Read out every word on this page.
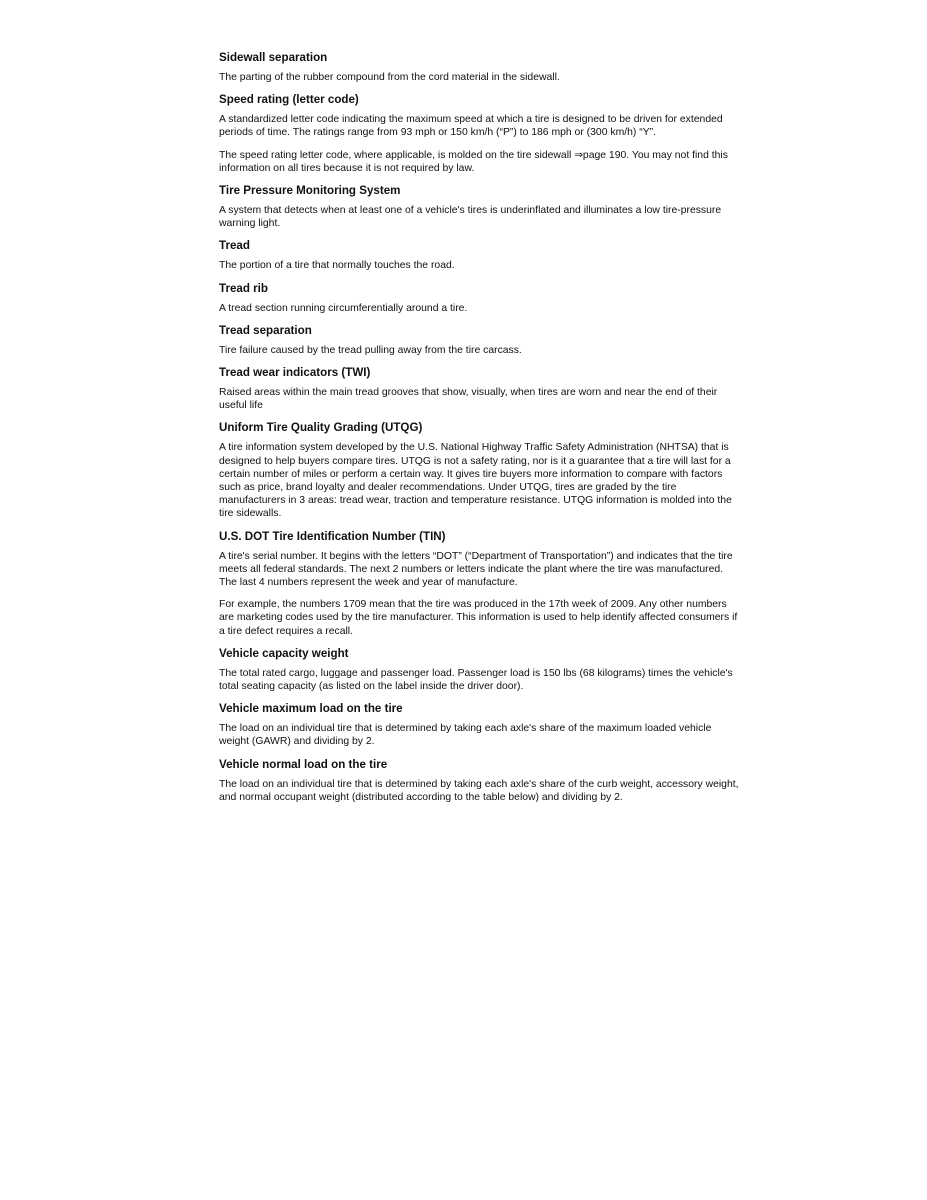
Sidewall separation

The parting of the rubber compound from the cord material in the sidewall.

Speed rating (letter code)

A standardized letter code indicating the maximum speed at which a tire is designed to be driven for extended periods of time. The ratings range from 93 mph or 150 km/h (“P”) to 186 mph or (300 km/h) “Y”.

The speed rating letter code, where applicable, is molded on the tire sidewall ⇒page 190. You may not find this information on all tires because it is not required by law.

Tire Pressure Monitoring System

A system that detects when at least one of a vehicle's tires is underinflated and illuminates a low tire-pressure warning light.

Tread

The portion of a tire that normally touches the road.

Tread rib

A tread section running circumferentially around a tire.

Tread separation

Tire failure caused by the tread pulling away from the tire carcass.

Tread wear indicators (TWI)

Raised areas within the main tread grooves that show, visually, when tires are worn and near the end of their useful life

Uniform Tire Quality Grading (UTQG)

A tire information system developed by the U.S. National Highway Traffic Safety Administration (NHTSA) that is designed to help buyers compare tires. UTQG is not a safety rating, nor is it a guarantee that a tire will last for a certain number of miles or perform a certain way. It gives tire buyers more information to compare with factors such as price, brand loyalty and dealer recommendations. Under UTQG, tires are graded by the tire manufacturers in 3 areas: tread wear, traction and temperature resistance. UTQG information is molded into the tire sidewalls.

U.S. DOT Tire Identification Number (TIN)

A tire's serial number. It begins with the letters “DOT” (“Department of Transportation”) and indicates that the tire meets all federal standards. The next 2 numbers or letters indicate the plant where the tire was manufactured. The last 4 numbers represent the week and year of manufacture.

For example, the numbers 1709 mean that the tire was produced in the 17th week of 2009. Any other numbers are marketing codes used by the tire manufacturer. This information is used to help identify affected consumers if a tire defect requires a recall.

Vehicle capacity weight

The total rated cargo, luggage and passenger load. Passenger load is 150 lbs (68 kilograms) times the vehicle's total seating capacity (as listed on the label inside the driver door).

Vehicle maximum load on the tire

The load on an individual tire that is determined by taking each axle's share of the maximum loaded vehicle weight (GAWR) and dividing by 2.

Vehicle normal load on the tire

The load on an individual tire that is determined by taking each axle's share of the curb weight, accessory weight, and normal occupant weight (distributed according to the table below) and dividing by 2.
